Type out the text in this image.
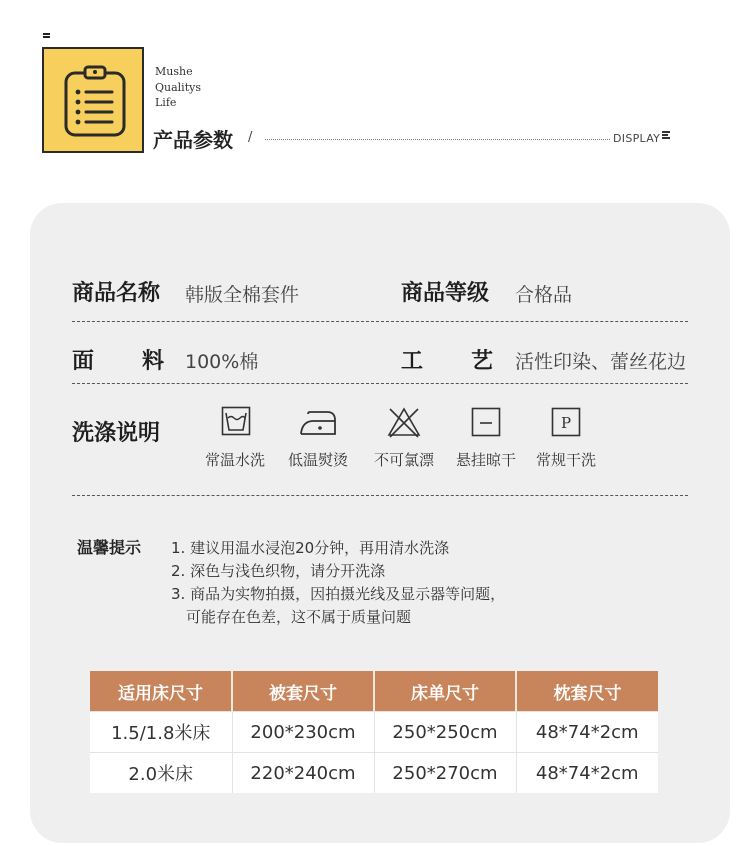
Mushe
Qualitys
Life
产品参数 /	DISPLAY
商品名称 韩版全棉套件	商品等级 合格品
面 料 100%棉	工 艺 活性印染、蕾丝花边
洗涤说明
常温水洗	低温熨烫	不可氯漂	悬挂晾干
P
常规干洗
温馨提示 1. 建议用温水浸泡20分钟，再用清水洗涤
2. 深色与浅色织物，请分开洗涤
3. 商品为实物拍摄，因拍摄光线及显示器等问题，
可能存在色差，这不属于质量问题
适用床尺寸	被套尺寸	床单尺寸	枕套尺寸
1.5/1.8米床	200*230cm	250*250cm	48*74*2cm
2.0米床	220*240cm	250*270cm	48*74*2cm
